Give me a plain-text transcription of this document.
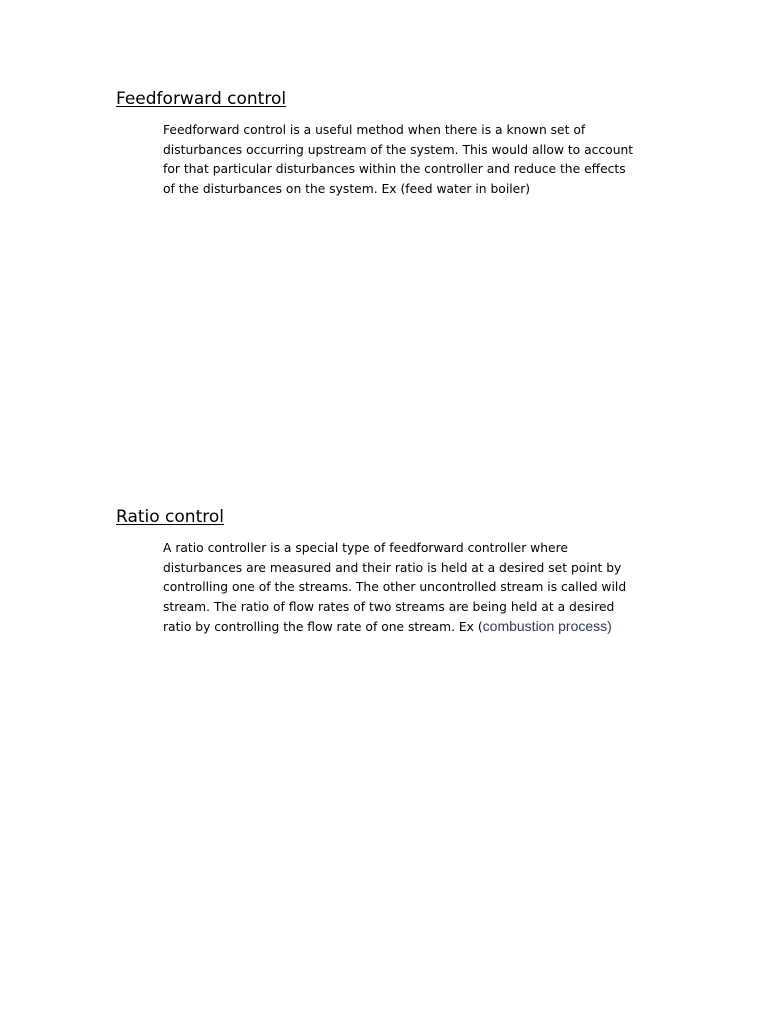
Feedforward control
Feedforward control is a useful method when there is a known set of
disturbances occurring upstream of the system. This would allow to account
for that particular disturbances within the controller and reduce the effects
of the disturbances on the system. Ex (feed water in boiler)
Ratio control
A ratio controller is a special type of feedforward controller where
disturbances are measured and their ratio is held at a desired set point by
controlling one of the streams. The other uncontrolled stream is called wild
stream. The ratio of flow rates of two streams are being held at a desired
ratio by controlling the flow rate of one stream. Ex (combustion process)
